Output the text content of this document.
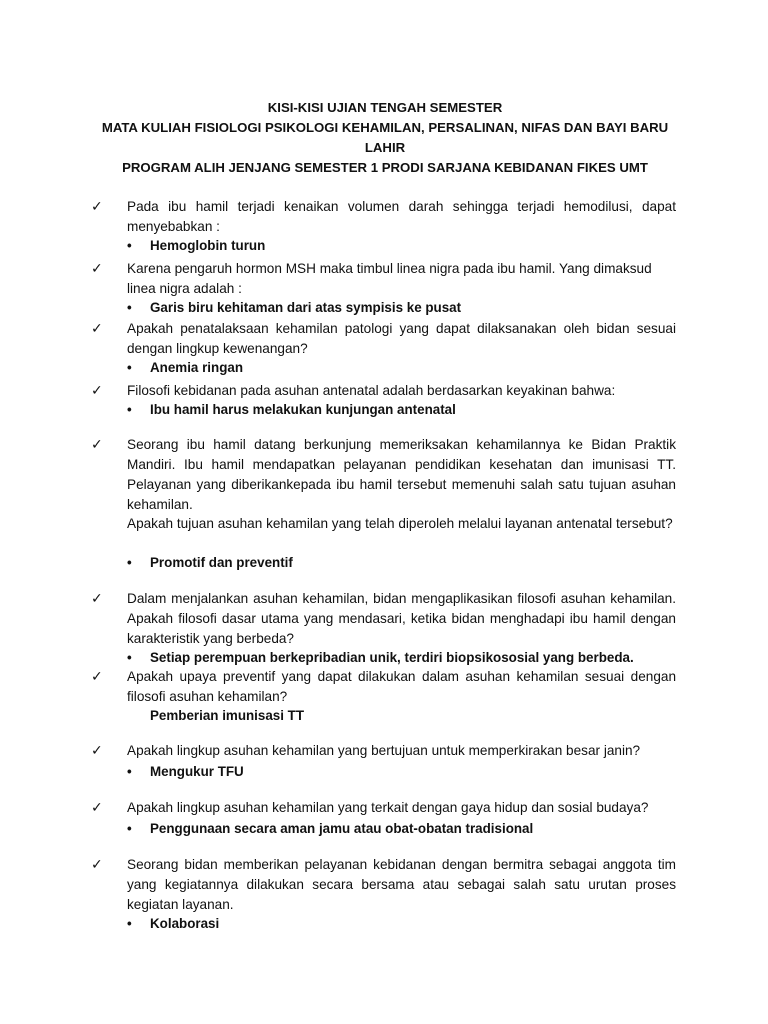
KISI-KISI UJIAN TENGAH SEMESTER
MATA KULIAH FISIOLOGI PSIKOLOGI KEHAMILAN, PERSALINAN, NIFAS DAN BAYI BARU
LAHIR
PROGRAM ALIH JENJANG SEMESTER 1 PRODI SARJANA KEBIDANAN FIKES UMT
✓ Pada ibu hamil terjadi kenaikan volumen darah sehingga terjadi hemodilusi, dapat menyebabkan :
• Hemoglobin turun
✓ Karena pengaruh hormon MSH maka timbul linea nigra pada ibu hamil. Yang dimaksud linea nigra adalah :
• Garis biru kehitaman dari atas sympisis ke pusat
✓ Apakah penatalaksaan kehamilan patologi yang dapat dilaksanakan oleh bidan sesuai dengan lingkup kewenangan?
• Anemia ringan
✓ Filosofi kebidanan pada asuhan antenatal adalah berdasarkan keyakinan bahwa:
• Ibu hamil harus melakukan kunjungan antenatal
✓ Seorang ibu hamil datang berkunjung memeriksakan kehamilannya ke Bidan Praktik Mandiri. Ibu hamil mendapatkan pelayanan pendidikan kesehatan dan imunisasi TT. Pelayanan yang diberikankepada ibu hamil tersebut memenuhi salah satu tujuan asuhan kehamilan.
Apakah tujuan asuhan kehamilan yang telah diperoleh melalui layanan antenatal tersebut?
• Promotif dan preventif
✓ Dalam menjalankan asuhan kehamilan, bidan mengaplikasikan filosofi asuhan kehamilan. Apakah filosofi dasar utama yang mendasari, ketika bidan menghadapi ibu hamil dengan karakteristik yang berbeda?
• Setiap perempuan berkepribadian unik, terdiri biopsikososial yang berbeda.
✓ Apakah upaya preventif yang dapat dilakukan dalam asuhan kehamilan sesuai dengan filosofi asuhan kehamilan?
Pemberian imunisasi TT
✓ Apakah lingkup asuhan kehamilan yang bertujuan untuk memperkirakan besar janin?
• Mengukur TFU
✓ Apakah lingkup asuhan kehamilan yang terkait dengan gaya hidup dan sosial budaya?
• Penggunaan secara aman jamu atau obat-obatan tradisional
✓ Seorang bidan memberikan pelayanan kebidanan dengan bermitra sebagai anggota tim yang kegiatannya dilakukan secara bersama atau sebagai salah satu urutan proses kegiatan layanan.
• Kolaborasi
